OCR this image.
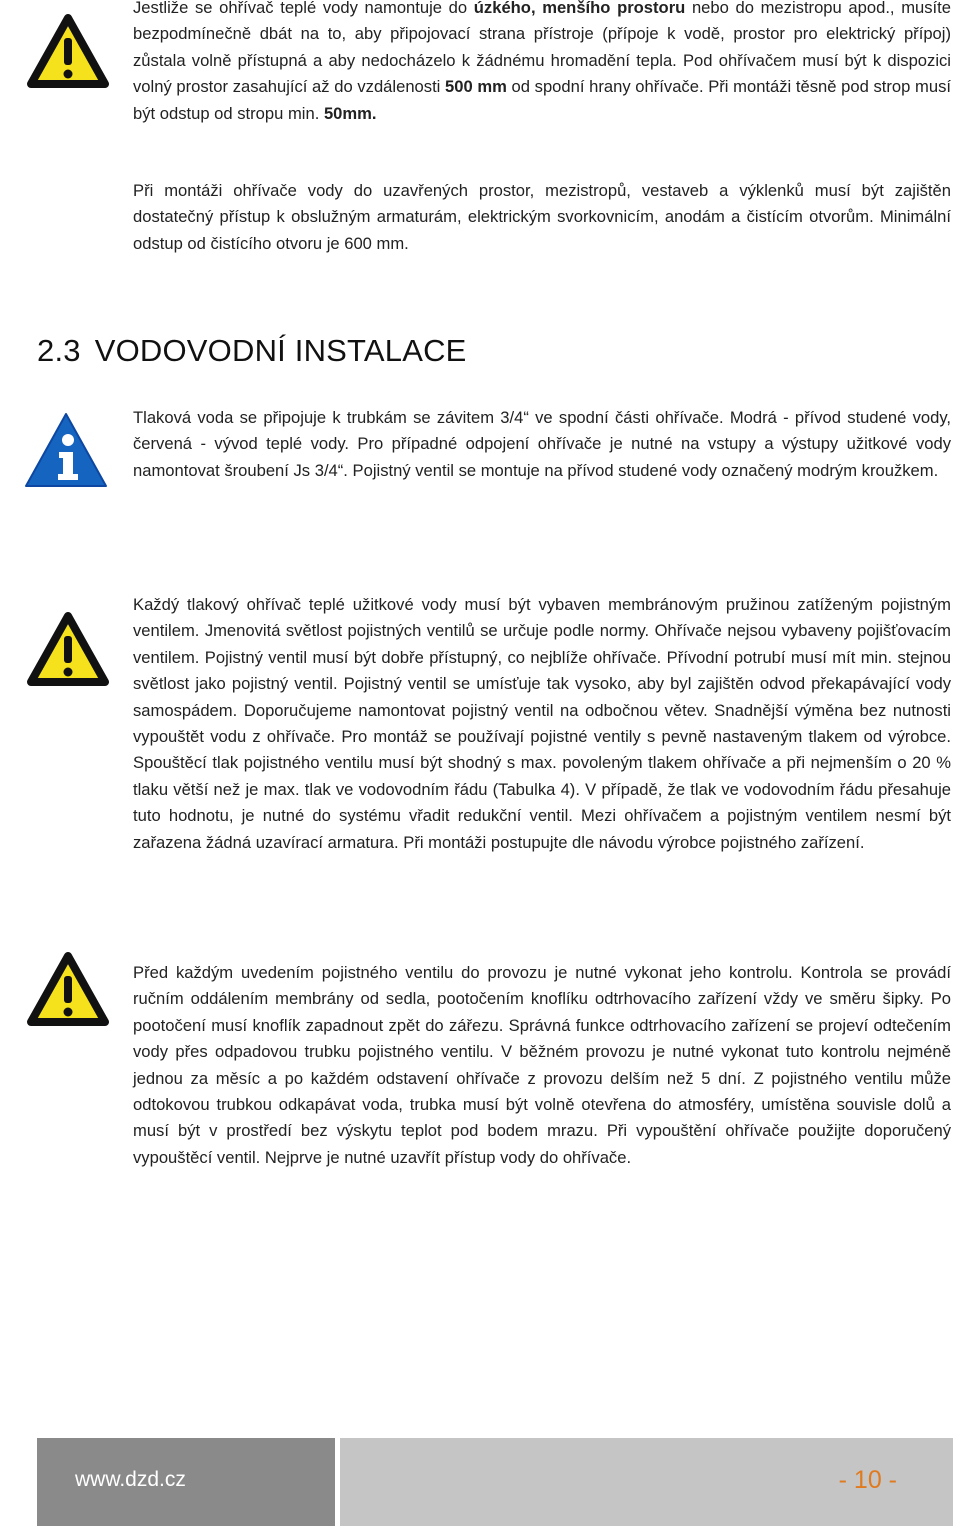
Jestliže se ohřívač teplé vody namontuje do úzkého, menšího prostoru nebo do mezistropu apod., musíte bezpodmínečně dbát na to, aby připojovací strana přístroje (přípoje k vodě, prostor pro elektrický přípoj) zůstala volně přístupná a aby nedocházelo k žádnému hromadění tepla. Pod ohřívačem musí být k dispozici volný prostor zasahující až do vzdálenosti 500 mm od spodní hrany ohřívače. Při montáži těsně pod strop musí být odstup od stropu min. 50mm.

Při montáži ohřívače vody do uzavřených prostor, mezistropů, vestaveb a výklenků musí být zajištěn dostatečný přístup k obslužným armaturám, elektrickým svorkovnicím, anodám a čistícím otvorům. Minimální odstup od čistícího otvoru je 600 mm.

2.3 VODOVODNÍ INSTALACE

Tlaková voda se připojuje k trubkám se závitem 3/4“ ve spodní části ohřívače. Modrá - přívod studené vody, červená - vývod teplé vody. Pro případné odpojení ohřívače je nutné na vstupy a výstupy užitkové vody namontovat šroubení Js 3/4“. Pojistný ventil se montuje na přívod studené vody označený modrým kroužkem.

Každý tlakový ohřívač teplé užitkové vody musí být vybaven membránovým pružinou zatíženým pojistným ventilem. Jmenovitá světlost pojistných ventilů se určuje podle normy. Ohřívače nejsou vybaveny pojišťovacím ventilem. Pojistný ventil musí být dobře přístupný, co nejblíže ohřívače. Přívodní potrubí musí mít min. stejnou světlost jako pojistný ventil. Pojistný ventil se umísťuje tak vysoko, aby byl zajištěn odvod překapávající vody samospádem. Doporučujeme namontovat pojistný ventil na odbočnou větev. Snadnější výměna bez nutnosti vypouštět vodu z ohřívače. Pro montáž se používají pojistné ventily s pevně nastaveným tlakem od výrobce. Spouštěcí tlak pojistného ventilu musí být shodný s max. povoleným tlakem ohřívače a při nejmenším o 20 % tlaku větší než je max. tlak ve vodovodním řádu (Tabulka 4). V případě, že tlak ve vodovodním řádu přesahuje tuto hodnotu, je nutné do systému vřadit redukční ventil. Mezi ohřívačem a pojistným ventilem nesmí být zařazena žádná uzavírací armatura. Při montáži postupujte dle návodu výrobce pojistného zařízení.

Před každým uvedením pojistného ventilu do provozu je nutné vykonat jeho kontrolu. Kontrola se provádí ručním oddálením membrány od sedla, pootočením knoflíku odtrhovacího zařízení vždy ve směru šipky. Po pootočení musí knoflík zapadnout zpět do zářezu. Správná funkce odtrhovacího zařízení se projeví odtečením vody přes odpadovou trubku pojistného ventilu. V běžném provozu je nutné vykonat tuto kontrolu nejméně jednou za měsíc a po každém odstavení ohřívače z provozu delším než 5 dní. Z pojistného ventilu může odtokovou trubkou odkapávat voda, trubka musí být volně otevřena do atmosféry, umístěna souvisle dolů a musí být v prostředí bez výskytu teplot pod bodem mrazu. Při vypouštění ohřívače použijte doporučený vypouštěcí ventil. Nejprve je nutné uzavřít přístup vody do ohřívače.

www.dzd.cz	- 10 -
